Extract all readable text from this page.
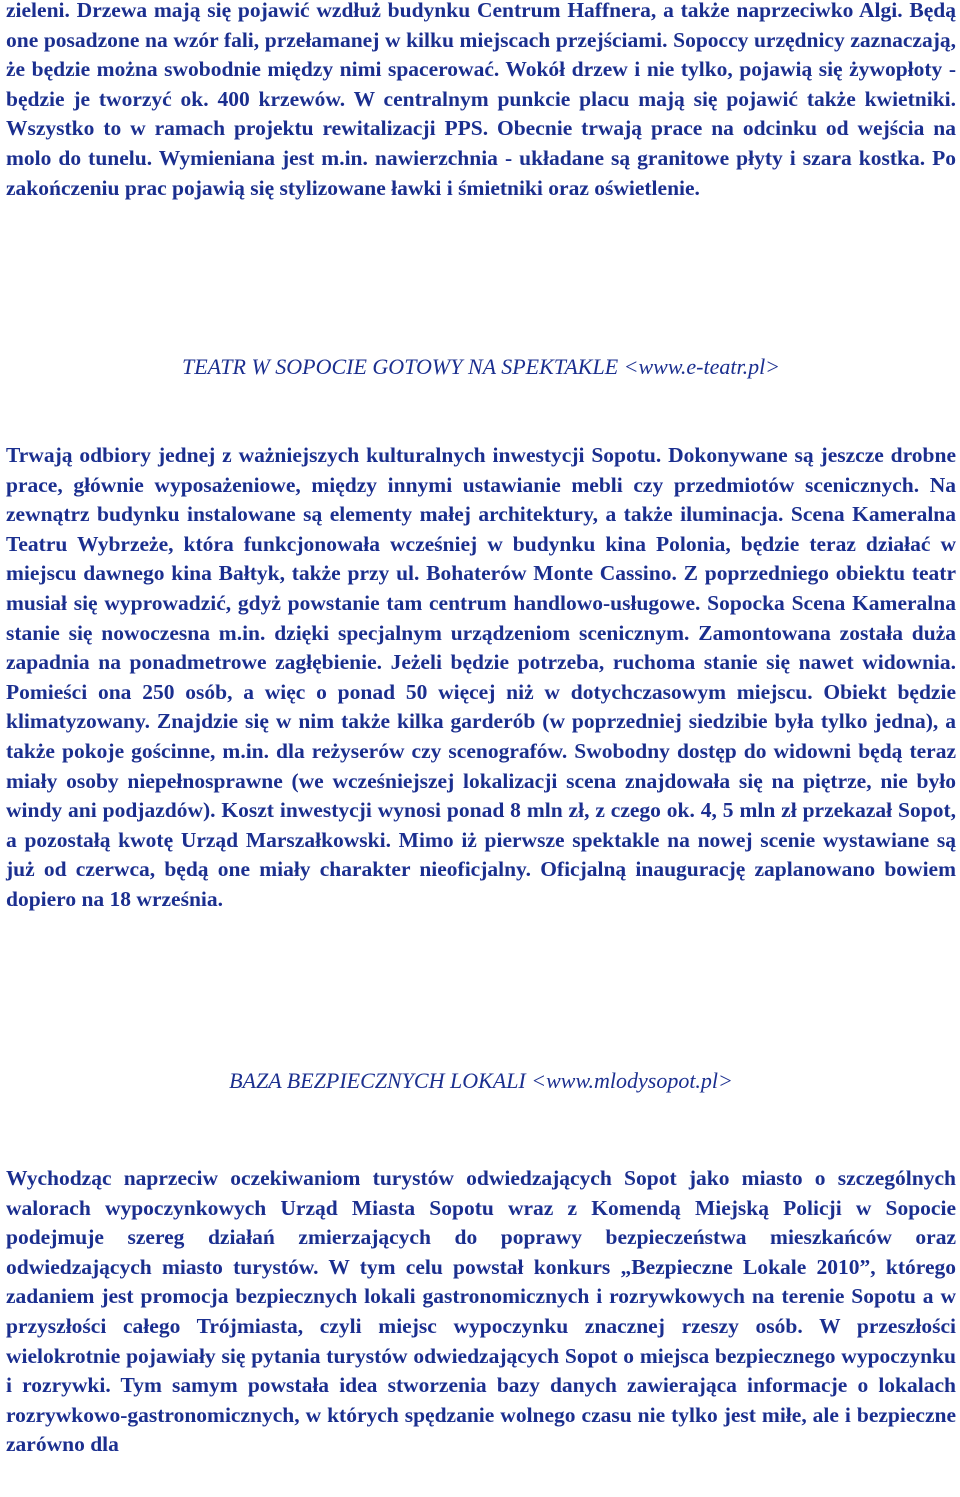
zieleni. Drzewa mają się pojawić wzdłuż budynku Centrum Haffnera, a także naprzeciwko Algi. Będą one posadzone na wzór fali, przełamanej w kilku miejscach przejściami. Sopoccy urzędnicy zaznaczają, że będzie można swobodnie między nimi spacerować. Wokół drzew i nie tylko, pojawią się żywopłoty - będzie je tworzyć ok. 400 krzewów. W centralnym punkcie placu mają się pojawić także kwietniki. Wszystko to w ramach projektu rewitalizacji PPS. Obecnie trwają prace na odcinku od wejścia na molo do tunelu. Wymieniana jest m.in. nawierzchnia - układane są granitowe płyty i szara kostka. Po zakończeniu prac pojawią się stylizowane ławki i śmietniki oraz oświetlenie.

TEATR W SOPOCIE GOTOWY NA SPEKTAKLE <www.e-teatr.pl>

Trwają odbiory jednej z ważniejszych kulturalnych inwestycji Sopotu. Dokonywane są jeszcze drobne prace, głównie wyposażeniowe, między innymi ustawianie mebli czy przedmiotów scenicznych. Na zewnątrz budynku instalowane są elementy małej architektury, a także iluminacja. Scena Kameralna Teatru Wybrzeże, która funkcjonowała wcześniej w budynku kina Polonia, będzie teraz działać w miejscu dawnego kina Bałtyk, także przy ul. Bohaterów Monte Cassino. Z poprzedniego obiektu teatr musiał się wyprowadzić, gdyż powstanie tam centrum handlowo-usługowe. Sopocka Scena Kameralna stanie się nowoczesna m.in. dzięki specjalnym urządzeniom scenicznym. Zamontowana została duża zapadnia na ponadmetrowe zagłębienie. Jeżeli będzie potrzeba, ruchoma stanie się nawet widownia. Pomieści ona 250 osób, a więc o ponad 50 więcej niż w dotychczasowym miejscu. Obiekt będzie klimatyzowany. Znajdzie się w nim także kilka garderób (w poprzedniej siedzibie była tylko jedna), a także pokoje gościnne, m.in. dla reżyserów czy scenografów. Swobodny dostęp do widowni będą teraz miały osoby niepełnosprawne (we wcześniejszej lokalizacji scena znajdowała się na piętrze, nie było windy ani podjazdów). Koszt inwestycji wynosi ponad 8 mln zł, z czego ok. 4, 5 mln zł przekazał Sopot, a pozostałą kwotę Urząd Marszałkowski. Mimo iż pierwsze spektakle na nowej scenie wystawiane są już od czerwca, będą one miały charakter nieoficjalny. Oficjalną inaugurację zaplanowano bowiem dopiero na 18 września.

BAZA BEZPIECZNYCH LOKALI <www.mlodysopot.pl>

Wychodząc naprzeciw oczekiwaniom turystów odwiedzających Sopot jako miasto o szczególnych walorach wypoczynkowych Urząd Miasta Sopotu wraz z Komendą Miejską Policji w Sopocie podejmuje szereg działań zmierzających do poprawy bezpieczeństwa mieszkańców oraz odwiedzających miasto turystów. W tym celu powstał konkurs „Bezpieczne Lokale 2010”, którego zadaniem jest promocja bezpiecznych lokali gastronomicznych i rozrywkowych na terenie Sopotu a w przyszłości całego Trójmiasta, czyli miejsc wypoczynku znacznej rzeszy osób. W przeszłości wielokrotnie pojawiały się pytania turystów odwiedzających Sopot o miejsca bezpiecznego wypoczynku i rozrywki. Tym samym powstała idea stworzenia bazy danych zawierająca informacje o lokalach rozrywkowo-gastronomicznych, w których spędzanie wolnego czasu nie tylko jest miłe, ale i bezpieczne zarówno dla
